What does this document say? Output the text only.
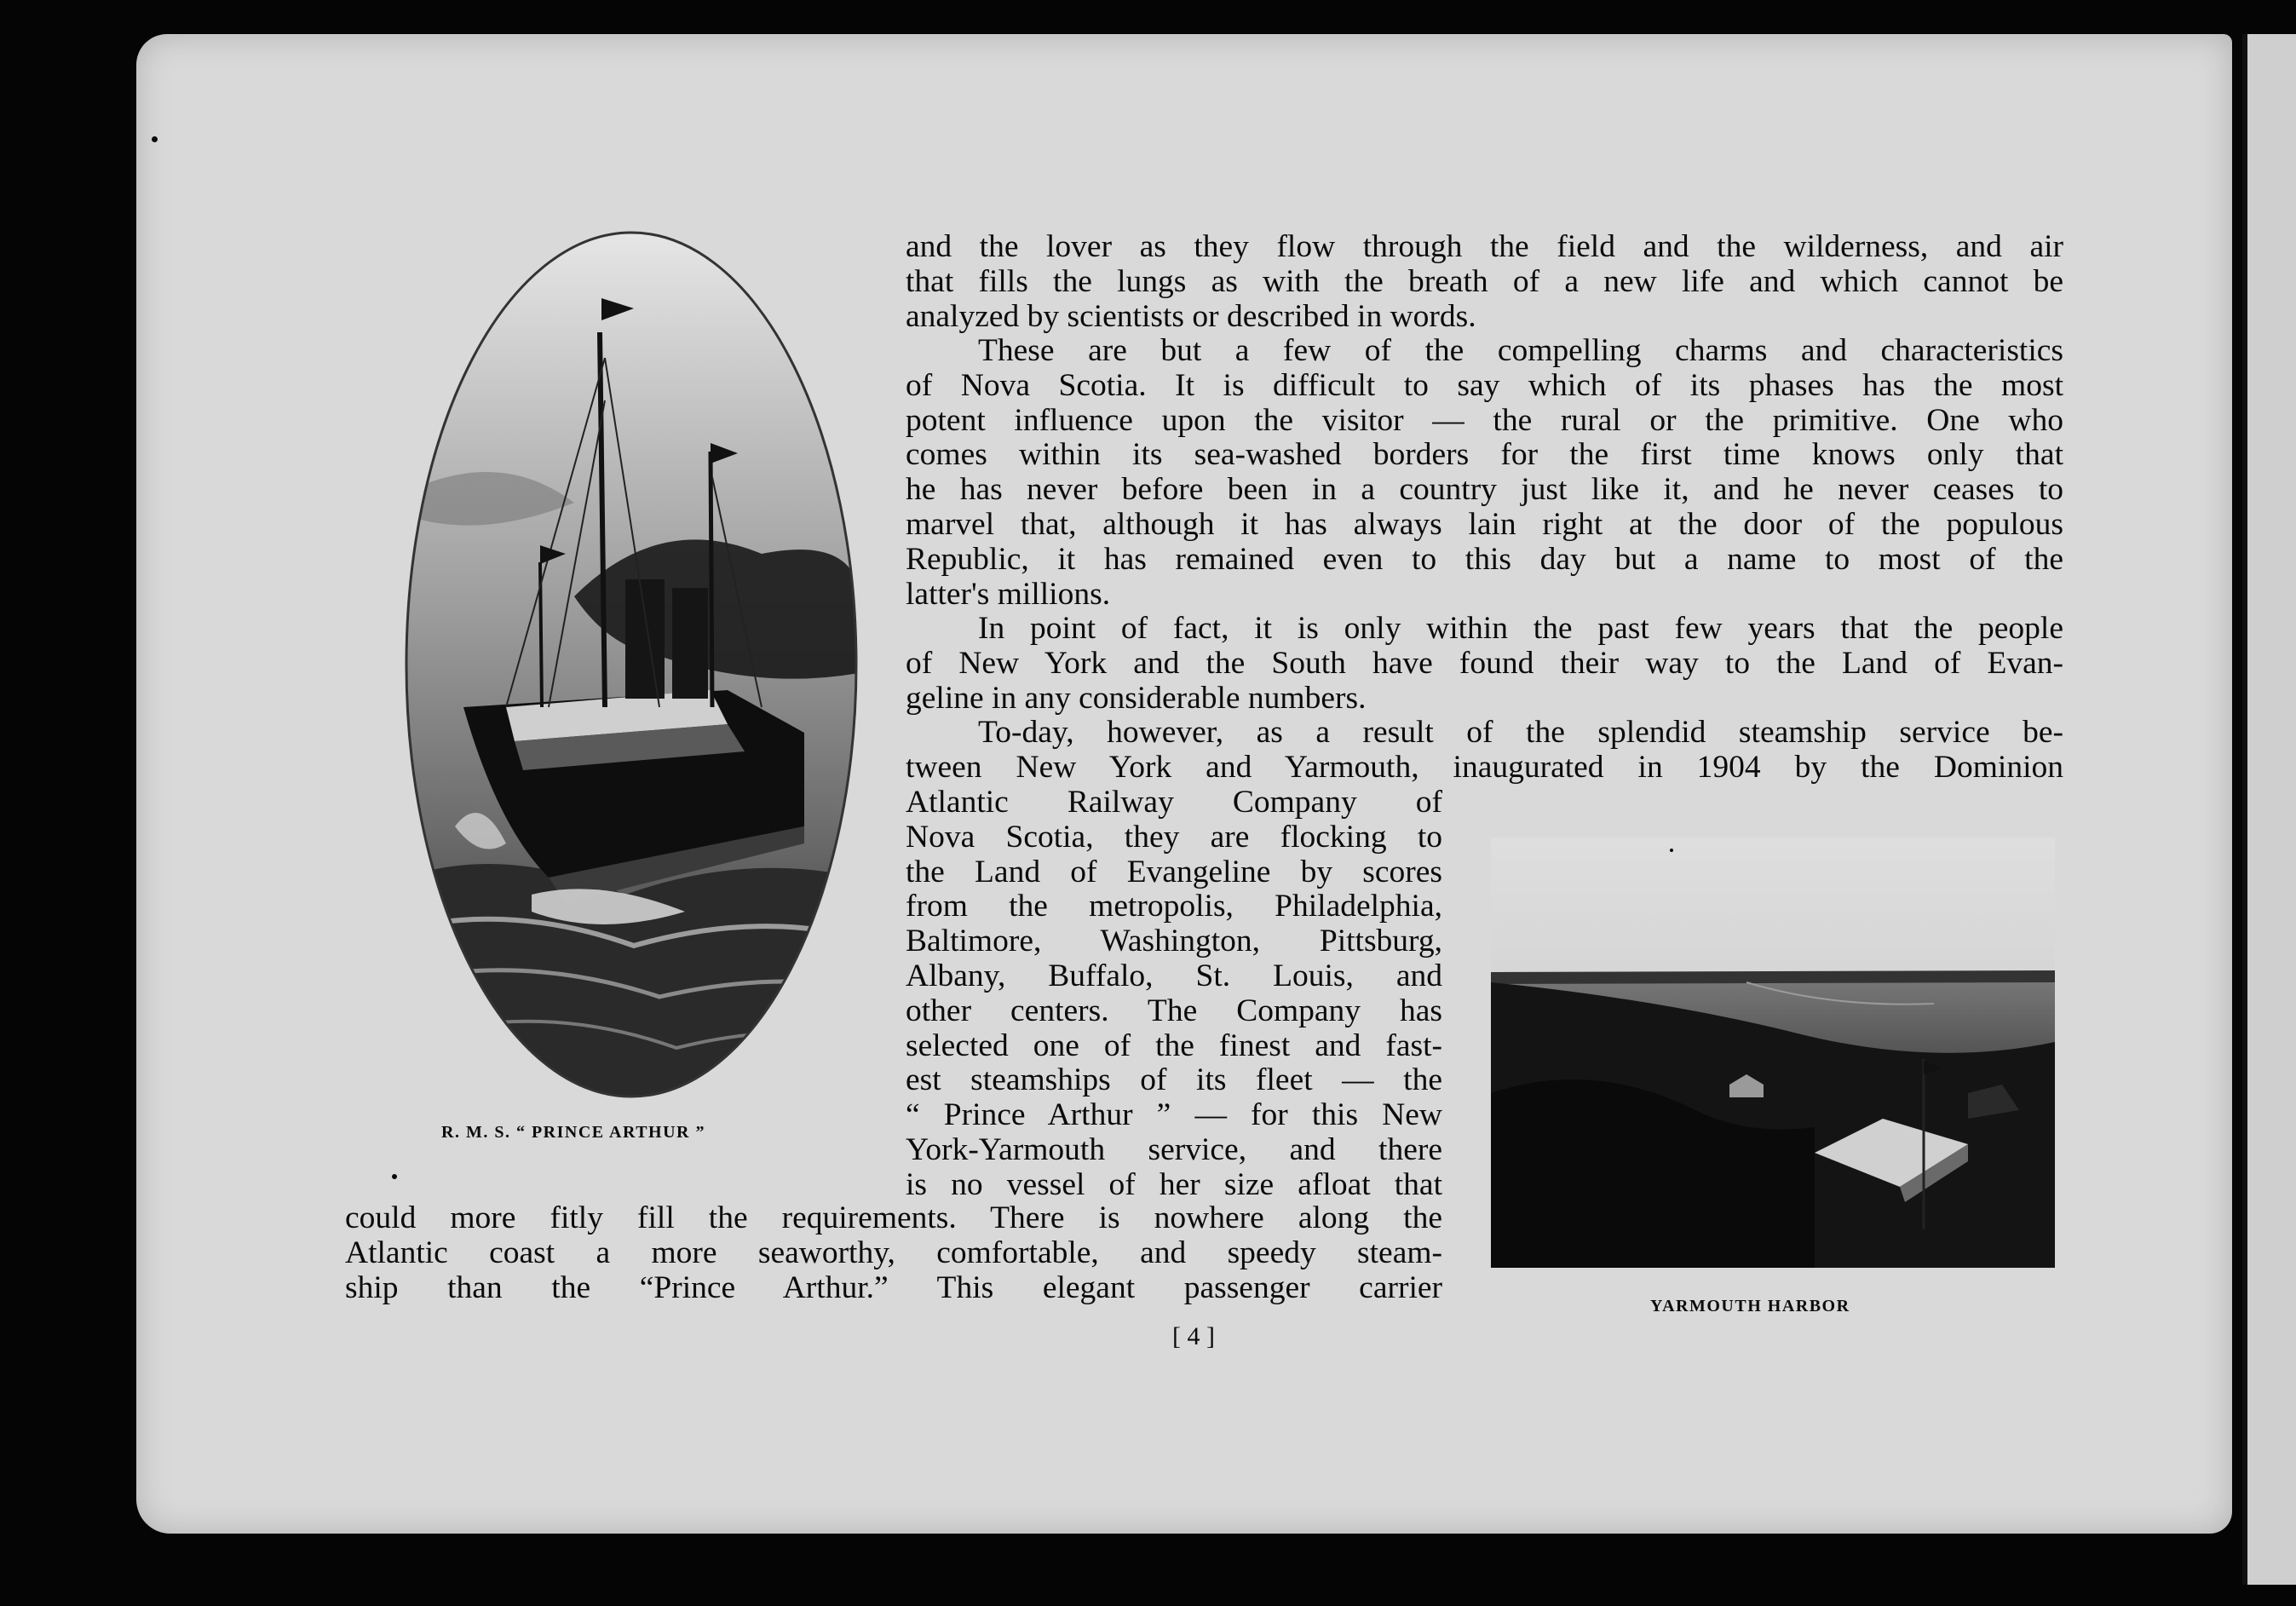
and the lover as they flow through the field and the wilderness, and air
that fills the lungs as with the breath of a new life and which cannot be
analyzed by scientists or described in words.

These are but a few of the compelling charms and characteristics
of Nova Scotia. It is difficult to say which of its phases has the most
potent influence upon the visitor — the rural or the primitive. One who
comes within its sea-washed borders for the first time knows only that
he has never before been in a country just like it, and he never ceases to
marvel that, although it has always lain right at the door of the populous
Republic, it has remained even to this day but a name to most of the
latter's millions.

In point of fact, it is only within the past few years that the people
of New York and the South have found their way to the Land of Evan-
geline in any considerable numbers.

To-day, however, as a result of the splendid steamship service be-
tween New York and Yarmouth, inaugurated in 1904 by the Dominion

Atlantic Railway Company of
Nova Scotia, they are flocking to
the Land of Evangeline by scores
from the metropolis, Philadelphia,
Baltimore, Washington, Pittsburg,
Albany, Buffalo, St. Louis, and
other centers. The Company has
selected one of the finest and fast-
est steamships of its fleet — the
“ Prince Arthur ” — for this New
York-Yarmouth service, and there
is no vessel of her size afloat that

could more fitly fill the requirements. There is nowhere along the
Atlantic coast a more seaworthy, comfortable, and speedy steam-
ship than the “Prince Arthur.” This elegant passenger carrier

R. M. S. “ PRINCE ARTHUR ”
YARMOUTH HARBOR
[ 4 ]
